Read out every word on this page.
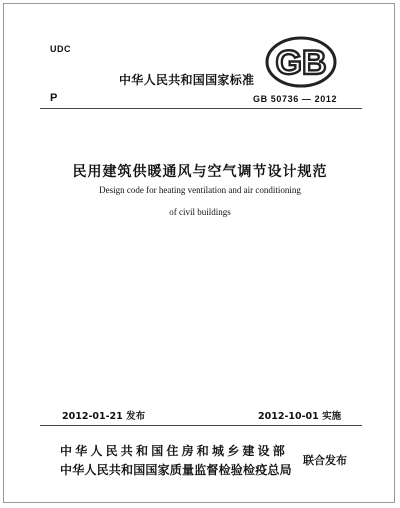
UDC	GB
中华人民共和国国家标准
P	GB 50736 — 2012
民用建筑供暖通风与空气调节设计规范
Design code for heating ventilation and air conditioning
of civil buildings
2012-01-21 发布	2012-10-01 实施
中华人民共和国住房和城乡建设部
中华人民共和国国家质量监督检验检疫总局
联合发布
